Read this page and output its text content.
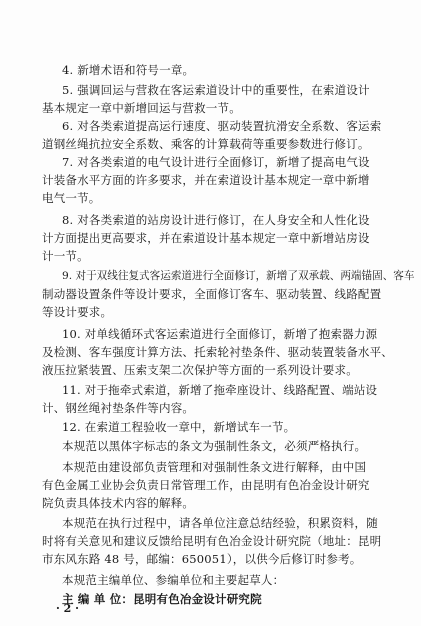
4. 新增术语和符号一章。
5. 强调回运与营救在客运索道设计中的重要性，在索道设计
基本规定一章中新增回运与营救一节。
6. 对各类索道提高运行速度、驱动装置抗滑安全系数、客运索
道钢丝绳抗拉安全系数、乘客的计算载荷等重要参数进行修订。
7. 对各类索道的电气设计进行全面修订，新增了提高电气设
计装备水平方面的许多要求，并在索道设计基本规定一章中新增
电气一节。
8. 对各类索道的站房设计进行修订，在人身安全和人性化设
计方面提出更高要求，并在索道设计基本规定一章中新增站房设
计一节。
9. 对于双线往复式客运索道进行全面修订，新增了双承载、两端锚固、客车
制动器设置条件等设计要求，全面修订客车、驱动装置、线路配置
等设计要求。
10. 对单线循环式客运索道进行全面修订，新增了抱索器力源
及检测、客车强度计算方法、托索轮衬垫条件、驱动装置装备水平、
液压拉紧装置、压索支架二次保护等方面的一系列设计要求。
11. 对于拖牵式索道，新增了拖牵座设计、线路配置、端站设
计、钢丝绳衬垫条件等内容。
12. 在索道工程验收一章中，新增试车一节。
本规范以黑体字标志的条文为强制性条文，必须严格执行。
本规范由建设部负责管理和对强制性条文进行解释，由中国
有色金属工业协会负责日常管理工作，由昆明有色冶金设计研究
院负责具体技术内容的解释。
本规范在执行过程中，请各单位注意总结经验，积累资料，随
时将有关意见和建议反馈给昆明有色冶金设计研究院（地址：昆明
市东风东路 48 号，邮编：650051），以供今后修订时参考。
本规范主编单位、参编单位和主要起草人：
主 编 单 位：昆明有色冶金设计研究院
· 2 ·
